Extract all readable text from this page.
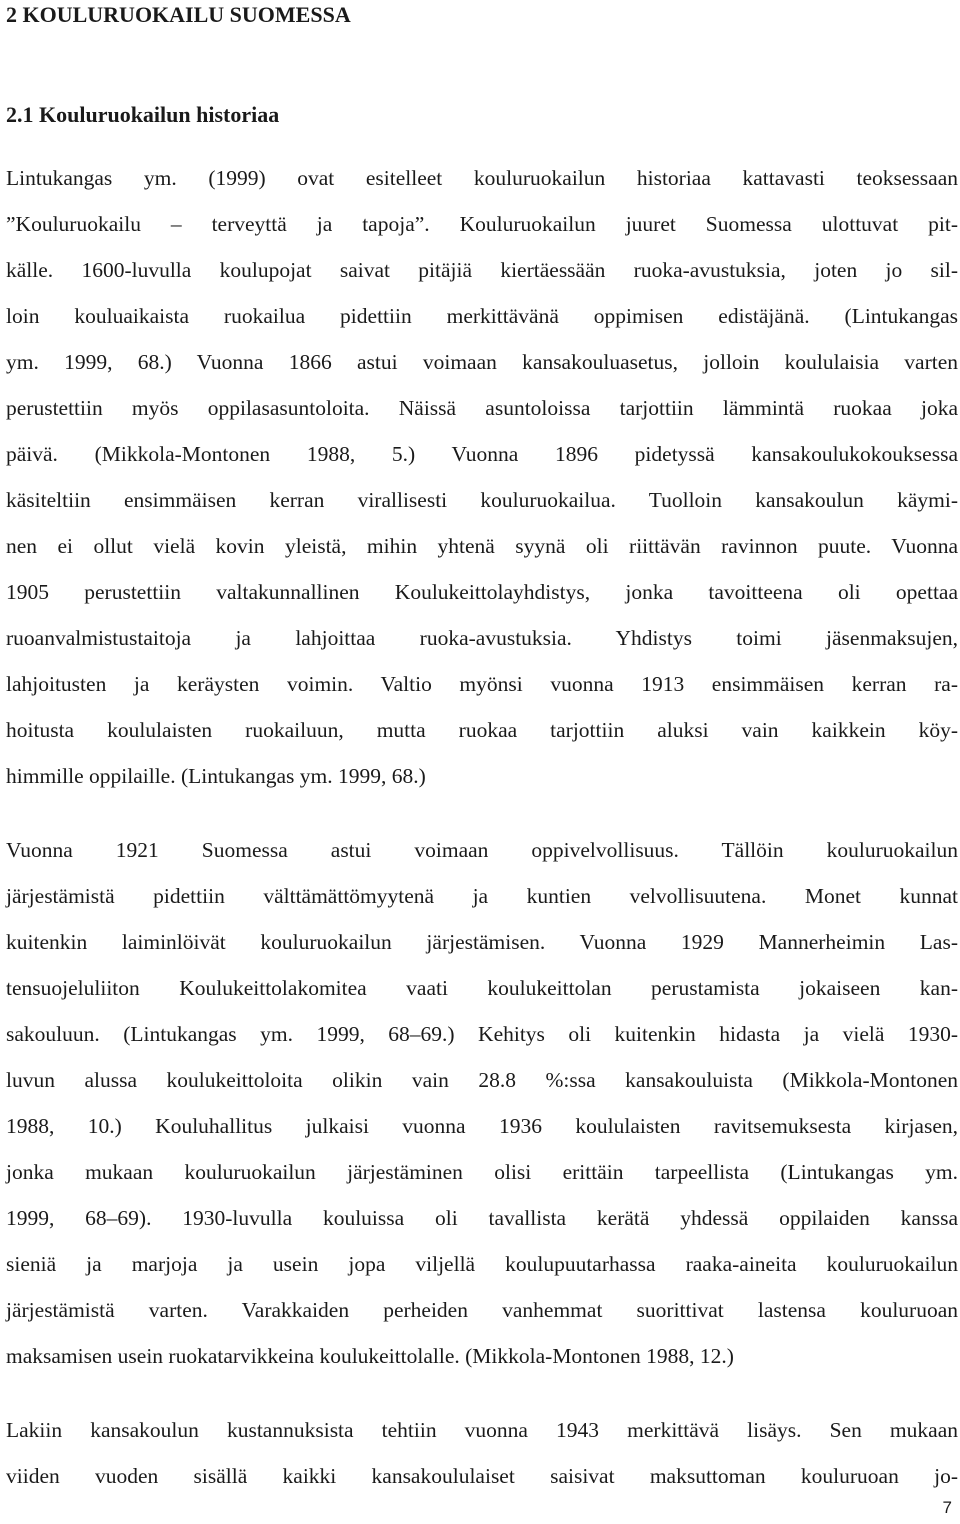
2 KOULURUOKAILU SUOMESSA
2.1 Kouluruokailun historiaa
Lintukangas ym. (1999) ovat esitelleet kouluruokailun historiaa kattavasti teoksessaan
”Kouluruokailu – terveyttä ja tapoja”. Kouluruokailun juuret Suomessa ulottuvat pit-
källe. 1600-luvulla koulupojat saivat pitäjiä kiertäessään ruoka-avustuksia, joten jo sil-
loin kouluaikaista ruokailua pidettiin merkittävänä oppimisen edistäjänä. (Lintukangas
ym. 1999, 68.) Vuonna 1866 astui voimaan kansakouluasetus, jolloin koululaisia varten
perustettiin myös oppilasasuntoloita. Näissä asuntoloissa tarjottiin lämmintä ruokaa joka
päivä. (Mikkola-Montonen 1988, 5.) Vuonna 1896 pidetyssä kansakoulukokouksessa
käsiteltiin ensimmäisen kerran virallisesti kouluruokailua. Tuolloin kansakoulun käymi-
nen ei ollut vielä kovin yleistä, mihin yhtenä syynä oli riittävän ravinnon puute. Vuonna
1905 perustettiin valtakunnallinen Koulukeittolayhdistys, jonka tavoitteena oli opettaa
ruoanvalmistustaitoja ja lahjoittaa ruoka-avustuksia. Yhdistys toimi jäsenmaksujen,
lahjoitusten ja keräysten voimin. Valtio myönsi vuonna 1913 ensimmäisen kerran ra-
hoitusta koululaisten ruokailuun, mutta ruokaa tarjottiin aluksi vain kaikkein köy-
himmille oppilaille. (Lintukangas ym. 1999, 68.)
Vuonna 1921 Suomessa astui voimaan oppivelvollisuus. Tällöin kouluruokailun
järjestämistä pidettiin välttämättömyytenä ja kuntien velvollisuutena. Monet kunnat
kuitenkin laiminlöivät kouluruokailun järjestämisen. Vuonna 1929 Mannerheimin Las-
tensuojeluliiton Koulukeittolakomitea vaati koulukeittolan perustamista jokaiseen kan-
sakouluun. (Lintukangas ym. 1999, 68–69.) Kehitys oli kuitenkin hidasta ja vielä 1930-
luvun alussa koulukeittoloita olikin vain 28.8 %:ssa kansakouluista (Mikkola-Montonen
1988, 10.) Kouluhallitus julkaisi vuonna 1936 koululaisten ravitsemuksesta kirjasen,
jonka mukaan kouluruokailun järjestäminen olisi erittäin tarpeellista (Lintukangas ym.
1999, 68–69). 1930-luvulla kouluissa oli tavallista kerätä yhdessä oppilaiden kanssa
sieniä ja marjoja ja usein jopa viljellä koulupuutarhassa raaka-aineita kouluruokailun
järjestämistä varten. Varakkaiden perheiden vanhemmat suorittivat lastensa kouluruoan
maksamisen usein ruokatarvikkeina koulukeittolalle. (Mikkola-Montonen 1988, 12.)
Lakiin kansakoulun kustannuksista tehtiin vuonna 1943 merkittävä lisäys. Sen mukaan
viiden vuoden sisällä kaikki kansakoululaiset saisivat maksuttoman kouluruoan jo-

7
